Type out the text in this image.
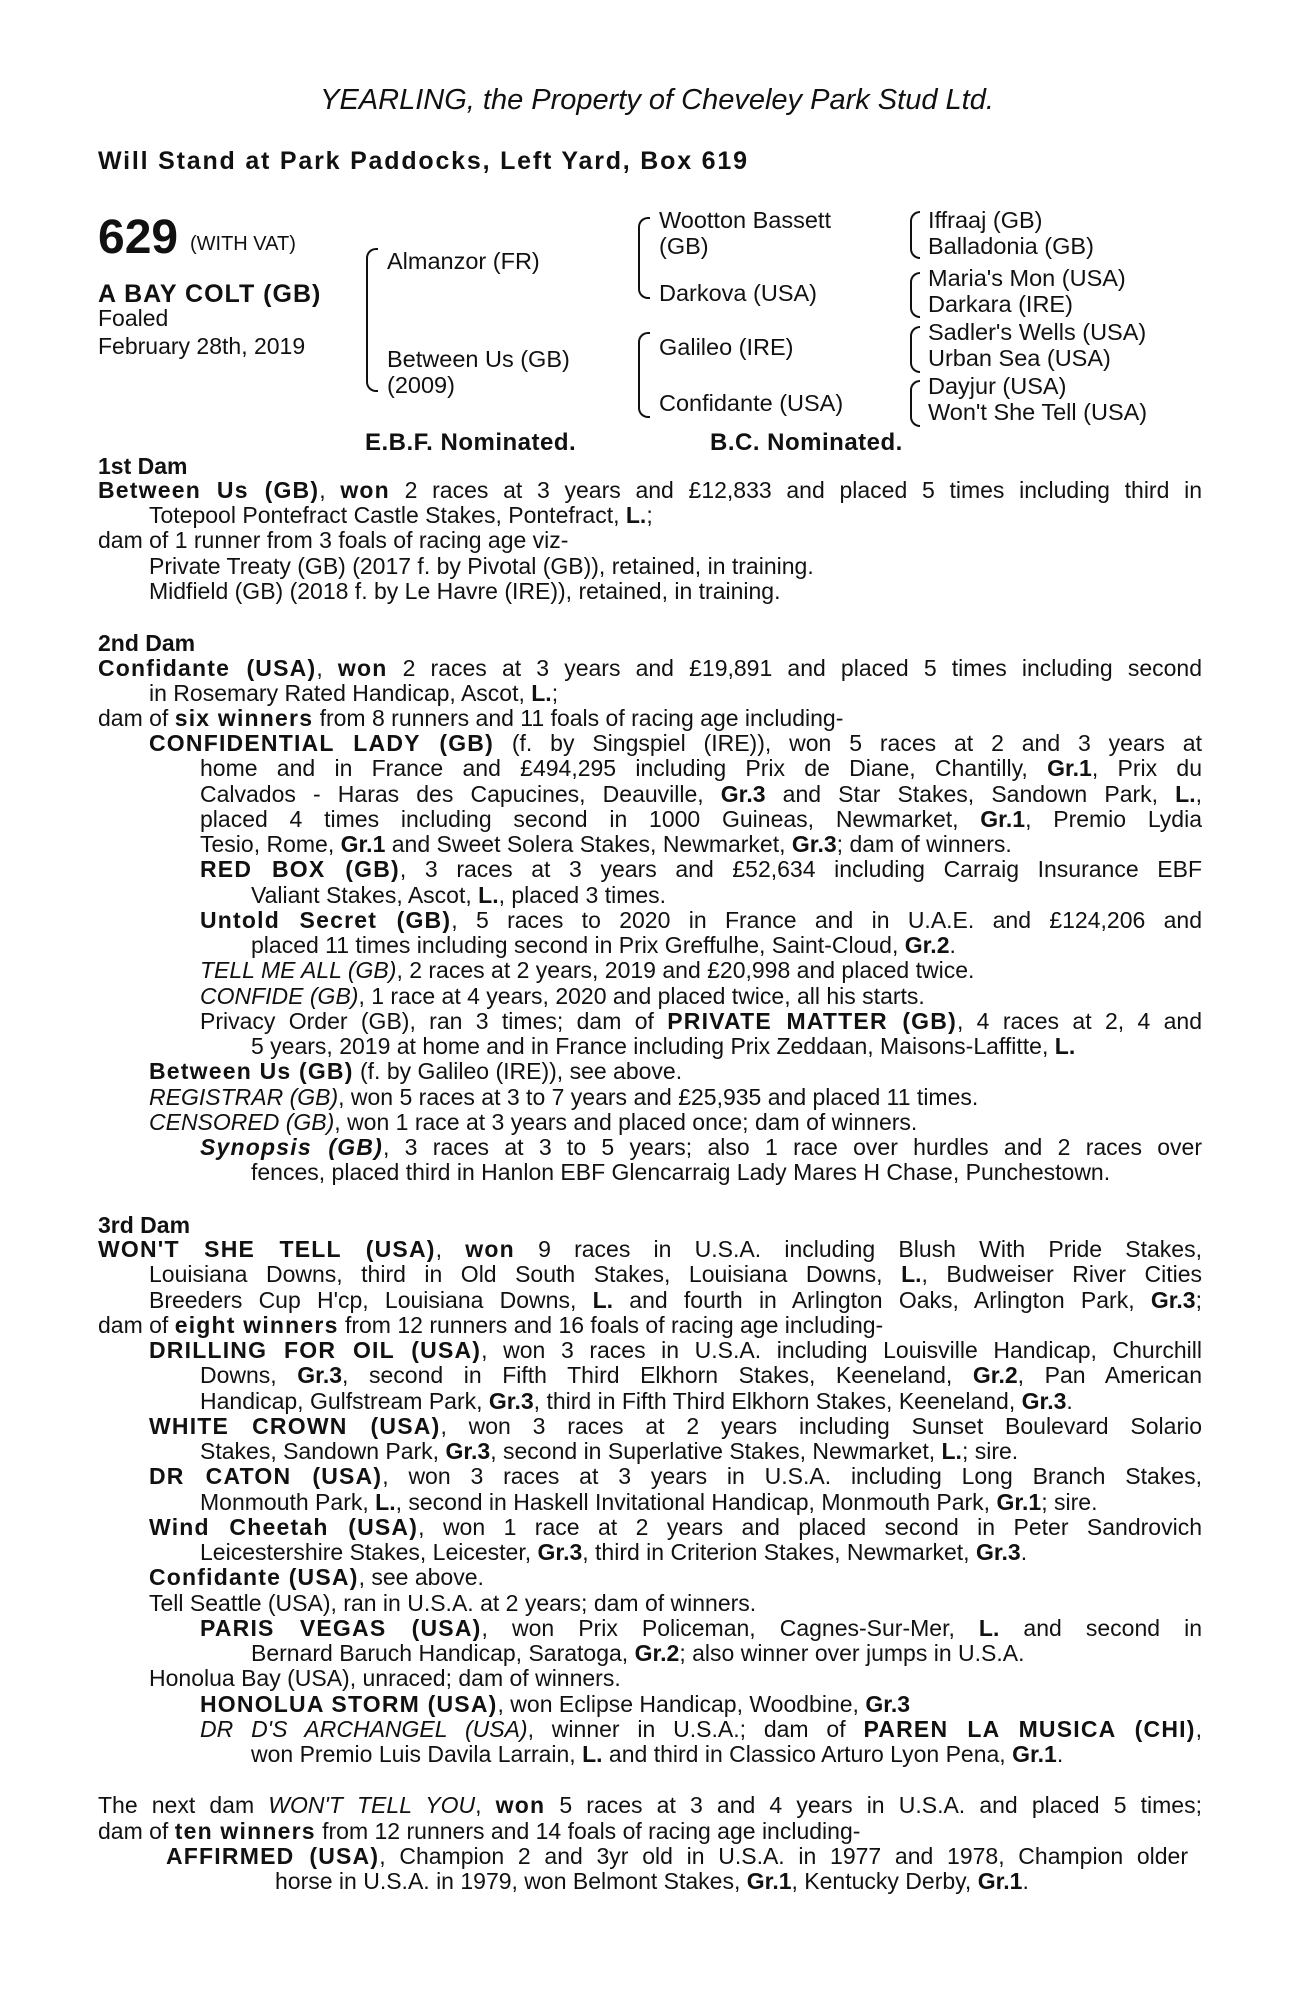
YEARLING, the Property of Cheveley Park Stud Ltd.
Will Stand at Park Paddocks, Left Yard, Box 619
629 (WITH VAT)
A BAY COLT (GB)
Foaled
February 28th, 2019
Almanzor (FR)
Between Us (GB)
(2009)
Wootton Bassett
(GB)
Darkova (USA)
Galileo (IRE)
Confidante (USA)
Iffraaj (GB)
Balladonia (GB)
Maria's Mon (USA)
Darkara (IRE)
Sadler's Wells (USA)
Urban Sea (USA)
Dayjur (USA)
Won't She Tell (USA)
E.B.F. Nominated.	B.C. Nominated.
1st Dam
Between Us (GB), won 2 races at 3 years and £12,833 and placed 5 times including third in
Totepool Pontefract Castle Stakes, Pontefract, L.;
dam of 1 runner from 3 foals of racing age viz-
Private Treaty (GB) (2017 f. by Pivotal (GB)), retained, in training.
Midfield (GB) (2018 f. by Le Havre (IRE)), retained, in training.
2nd Dam
Confidante (USA), won 2 races at 3 years and £19,891 and placed 5 times including second
in Rosemary Rated Handicap, Ascot, L.;
dam of six winners from 8 runners and 11 foals of racing age including-
CONFIDENTIAL LADY (GB) (f. by Singspiel (IRE)), won 5 races at 2 and 3 years at
home and in France and £494,295 including Prix de Diane, Chantilly, Gr.1, Prix du
Calvados - Haras des Capucines, Deauville, Gr.3 and Star Stakes, Sandown Park, L.,
placed 4 times including second in 1000 Guineas, Newmarket, Gr.1, Premio Lydia
Tesio, Rome, Gr.1 and Sweet Solera Stakes, Newmarket, Gr.3; dam of winners.
RED BOX (GB), 3 races at 3 years and £52,634 including Carraig Insurance EBF
Valiant Stakes, Ascot, L., placed 3 times.
Untold Secret (GB), 5 races to 2020 in France and in U.A.E. and £124,206 and
placed 11 times including second in Prix Greffulhe, Saint-Cloud, Gr.2.
TELL ME ALL (GB), 2 races at 2 years, 2019 and £20,998 and placed twice.
CONFIDE (GB), 1 race at 4 years, 2020 and placed twice, all his starts.
Privacy Order (GB), ran 3 times; dam of PRIVATE MATTER (GB), 4 races at 2, 4 and
5 years, 2019 at home and in France including Prix Zeddaan, Maisons-Laffitte, L.
Between Us (GB) (f. by Galileo (IRE)), see above.
REGISTRAR (GB), won 5 races at 3 to 7 years and £25,935 and placed 11 times.
CENSORED (GB), won 1 race at 3 years and placed once; dam of winners.
Synopsis (GB), 3 races at 3 to 5 years; also 1 race over hurdles and 2 races over
fences, placed third in Hanlon EBF Glencarraig Lady Mares H Chase, Punchestown.
3rd Dam
WON'T SHE TELL (USA), won 9 races in U.S.A. including Blush With Pride Stakes,
Louisiana Downs, third in Old South Stakes, Louisiana Downs, L., Budweiser River Cities
Breeders Cup H'cp, Louisiana Downs, L. and fourth in Arlington Oaks, Arlington Park, Gr.3;
dam of eight winners from 12 runners and 16 foals of racing age including-
DRILLING FOR OIL (USA), won 3 races in U.S.A. including Louisville Handicap, Churchill
Downs, Gr.3, second in Fifth Third Elkhorn Stakes, Keeneland, Gr.2, Pan American
Handicap, Gulfstream Park, Gr.3, third in Fifth Third Elkhorn Stakes, Keeneland, Gr.3.
WHITE CROWN (USA), won 3 races at 2 years including Sunset Boulevard Solario
Stakes, Sandown Park, Gr.3, second in Superlative Stakes, Newmarket, L.; sire.
DR CATON (USA), won 3 races at 3 years in U.S.A. including Long Branch Stakes,
Monmouth Park, L., second in Haskell Invitational Handicap, Monmouth Park, Gr.1; sire.
Wind Cheetah (USA), won 1 race at 2 years and placed second in Peter Sandrovich
Leicestershire Stakes, Leicester, Gr.3, third in Criterion Stakes, Newmarket, Gr.3.
Confidante (USA), see above.
Tell Seattle (USA), ran in U.S.A. at 2 years; dam of winners.
PARIS VEGAS (USA), won Prix Policeman, Cagnes-Sur-Mer, L. and second in
Bernard Baruch Handicap, Saratoga, Gr.2; also winner over jumps in U.S.A.
Honolua Bay (USA), unraced; dam of winners.
HONOLUA STORM (USA), won Eclipse Handicap, Woodbine, Gr.3
DR D'S ARCHANGEL (USA), winner in U.S.A.; dam of PAREN LA MUSICA (CHI),
won Premio Luis Davila Larrain, L. and third in Classico Arturo Lyon Pena, Gr.1.
The next dam WON'T TELL YOU, won 5 races at 3 and 4 years in U.S.A. and placed 5 times;
dam of ten winners from 12 runners and 14 foals of racing age including-
AFFIRMED (USA), Champion 2 and 3yr old in U.S.A. in 1977 and 1978, Champion older
horse in U.S.A. in 1979, won Belmont Stakes, Gr.1, Kentucky Derby, Gr.1.
